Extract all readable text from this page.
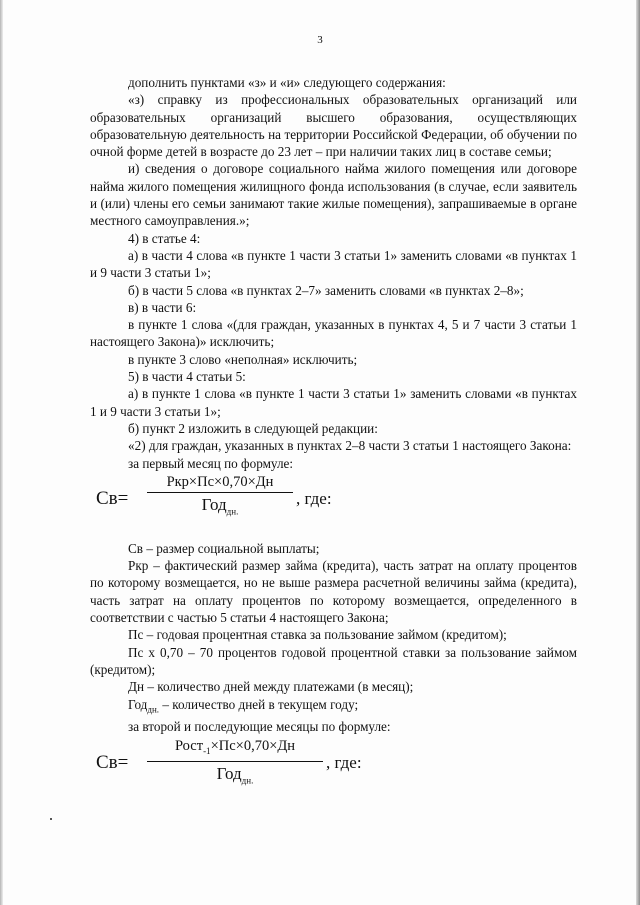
3

дополнить пунктами «з» и «и» следующего содержания:

«з) справку из профессиональных образовательных организаций или образовательных организаций высшего образования, осуществляющих образовательную деятельность на территории Российской Федерации, об обучении по очной форме детей в возрасте до 23 лет – при наличии таких лиц в составе семьи;

и) сведения о договоре социального найма жилого помещения или договоре найма жилого помещения жилищного фонда использования (в случае, если заявитель и (или) члены его семьи занимают такие жилые помещения), запрашиваемые в органе местного самоуправления.»;

4) в статье 4:

а) в части 4 слова «в пункте 1 части 3 статьи 1» заменить словами «в пунктах 1 и 9 части 3 статьи 1»;

б) в части 5 слова «в пунктах 2–7» заменить словами «в пунктах 2–8»;

в) в части 6:

в пункте 1 слова «(для граждан, указанных в пунктах 4, 5 и 7 части 3 статьи 1 настоящего Закона)» исключить;

в пункте 3 слово «неполная» исключить;

5) в части 4 статьи 5:

а) в пункте 1 слова «в пункте 1 части 3 статьи 1» заменить словами «в пунктах 1 и 9 части 3 статьи 1»;

б) пункт 2 изложить в следующей редакции:

«2) для граждан, указанных в пунктах 2–8 части 3 статьи 1 настоящего Закона:

за первый месяц по формуле:

Св=
Ркр×Пс×0,70×Дн
Год$_{дн.}$
, где:

Св – размер социальной выплаты;

Ркр – фактический размер займа (кредита), часть затрат на оплату процентов по которому возмещается, но не выше размера расчетной величины займа (кредита), часть затрат на оплату процентов по которому возмещается, определенного в соответствии с частью 5 статьи 4 настоящего Закона;

Пс – годовая процентная ставка за пользование займом (кредитом);

Пс х 0,70 – 70 процентов годовой процентной ставки за пользование займом (кредитом);

Дн – количество дней между платежами (в месяц);

Год$_{дн.}$ – количество дней в текущем году;

за второй и последующие месяцы по формуле:

Св=
Рост$_{-1}$×Пс×0,70×Дн
Год$_{дн.}$
, где:
